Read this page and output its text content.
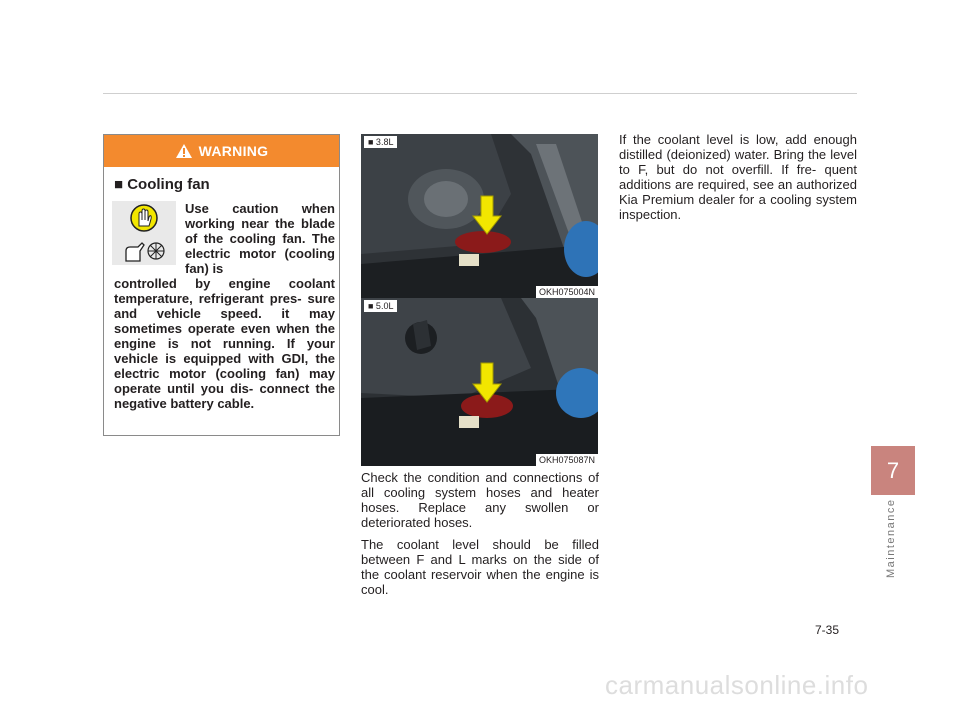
WARNING
■ Cooling fan
Use caution when working near the blade of the cooling fan. The electric motor (cooling fan) is
controlled by engine coolant temperature, refrigerant pres- sure and vehicle speed. it may sometimes operate even when the engine is not running. If your vehicle is equipped with GDI, the electric motor (cooling fan) may operate until you dis- connect the negative battery cable.
■ 3.8L
OKH075004N
■ 5.0L
OKH075087N

Check the condition and connections of all cooling system hoses and heater hoses. Replace any swollen or deteriorated hoses.

The coolant level should be filled between F and L marks on the side of the coolant reservoir when the engine is cool.

If the coolant level is low, add enough distilled (deionized) water. Bring the level to F, but do not overfill. If fre- quent additions are required, see an authorized Kia Premium dealer for a cooling system inspection.

7
Maintenance
7-35
carmanualsonline.info
